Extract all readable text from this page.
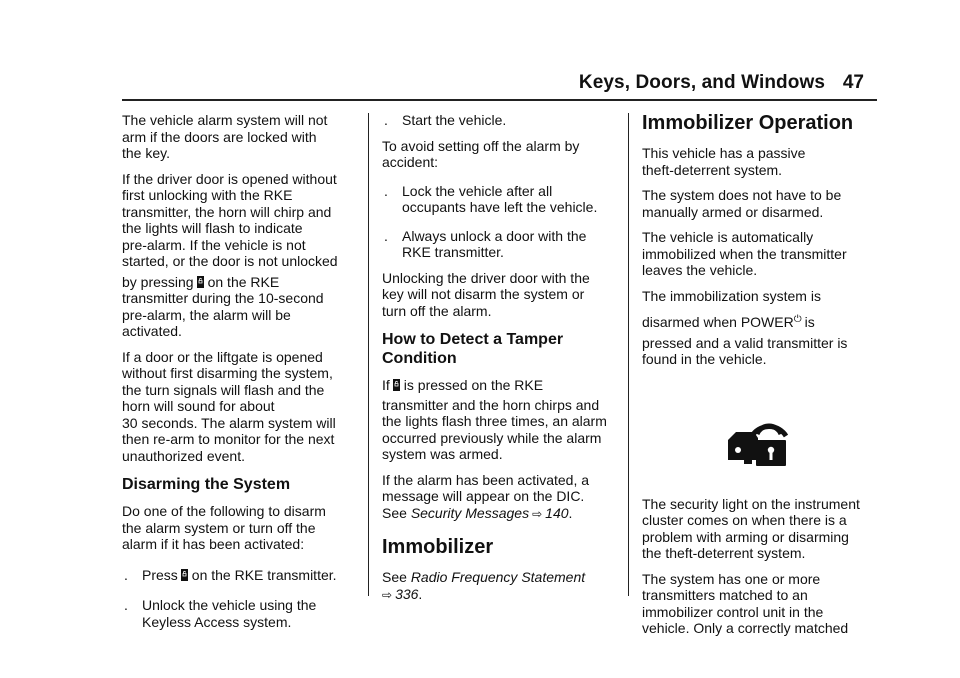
Keys, Doors, and Windows 47

The vehicle alarm system will not
arm if the doors are locked with
the key.

If the driver door is opened without
first unlocking with the RKE
transmitter, the horn will chirp and
the lights will flash to indicate
pre-alarm. If the vehicle is not
started, or the door is not unlocked
by pressing on the RKE
transmitter during the 10-second
pre-alarm, the alarm will be
activated.

If a door or the liftgate is opened
without first disarming the system,
the turn signals will flash and the
horn will sound for about
30 seconds. The alarm system will
then re-arm to monitor for the next
unauthorized event.

Disarming the System

Do one of the following to disarm
the alarm system or turn off the
alarm if it has been activated:

. Press on the RKE transmitter.
. Unlock the vehicle using the
Keyless Access system.
. Start the vehicle.

To avoid setting off the alarm by
accident:

. Lock the vehicle after all
occupants have left the vehicle.
. Always unlock a door with the
RKE transmitter.

Unlocking the driver door with the
key will not disarm the system or
turn off the alarm.

How to Detect a Tamper
Condition

If is pressed on the RKE
transmitter and the horn chirps and
the lights flash three times, an alarm
occurred previously while the alarm
system was armed.

If the alarm has been activated, a
message will appear on the DIC.
See Security Messages ⇨ 140.

Immobilizer

See Radio Frequency Statement
⇨ 336.

Immobilizer Operation

This vehicle has a passive
theft-deterrent system.

The system does not have to be
manually armed or disarmed.

The vehicle is automatically
immobilized when the transmitter
leaves the vehicle.

The immobilization system is
disarmed when POWER⏻ is
pressed and a valid transmitter is
found in the vehicle.

The security light on the instrument
cluster comes on when there is a
problem with arming or disarming
the theft-deterrent system.

The system has one or more
transmitters matched to an
immobilizer control unit in the
vehicle. Only a correctly matched
